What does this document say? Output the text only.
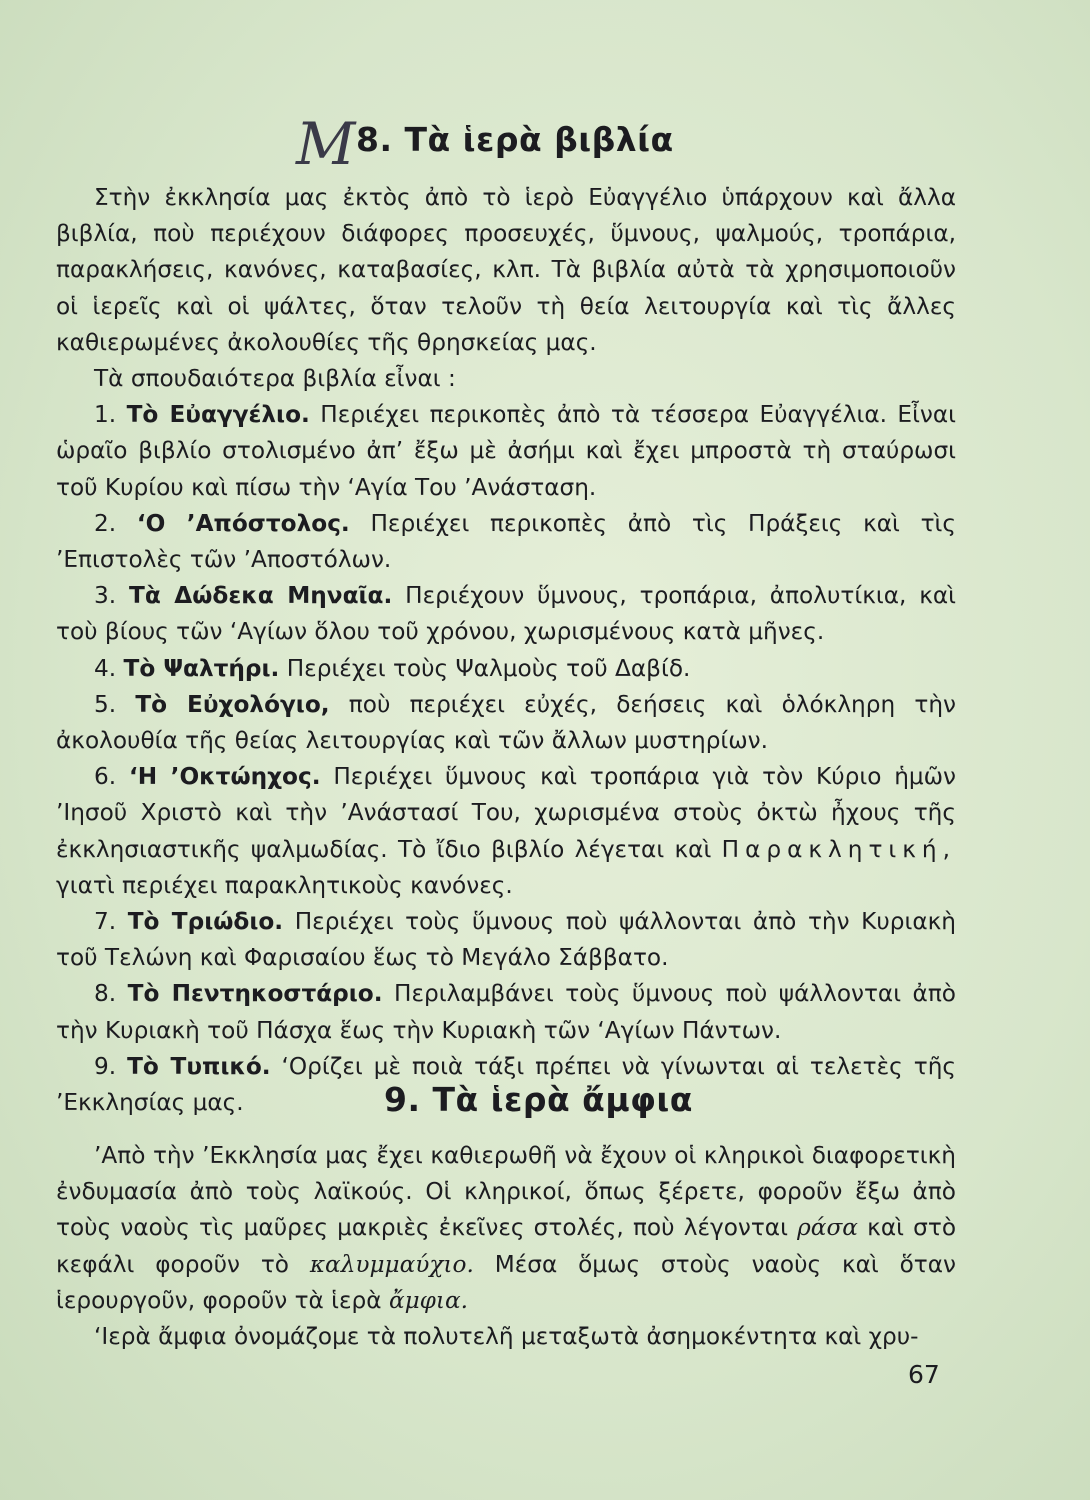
M 8. Τὰ ἱερὰ βιβλία

Στὴν ἐκκλησία μας ἐκτὸς ἀπὸ τὸ ἱερὸ Εὐαγγέλιο ὑπάρχουν καὶ ἄλλα βιβλία, ποὺ περιέχουν διάφορες προσευχές, ὕμνους, ψαλμούς, τροπάρια, παρακλήσεις, κανόνες, καταβασίες, κλπ. Τὰ βιβλία αὐτὰ τὰ χρησιμοποιοῦν οἱ ἱερεῖς καὶ οἱ ψάλτες, ὅταν τελοῦν τὴ θεία λειτουργία καὶ τὶς ἄλλες καθιερωμένες ἀκολουθίες τῆς θρησκείας μας.

Τὰ σπουδαιότερα βιβλία εἶναι :

1. Τὸ Εὐαγγέλιο. Περιέχει περικοπὲς ἀπὸ τὰ τέσσερα Εὐαγγέλια. Εἶναι ὡραῖο βιβλίο στολισμένο ἀπ’ ἔξω μὲ ἀσήμι καὶ ἔχει μπροστὰ τὴ σταύρωσι τοῦ Κυρίου καὶ πίσω τὴν ‘Αγία Του ’Ανάσταση.

2. ‘Ο ’Απόστολος. Περιέχει περικοπὲς ἀπὸ τὶς Πράξεις καὶ τὶς ’Επιστολὲς τῶν ’Αποστόλων.

3. Τὰ Δώδεκα Μηναῖα. Περιέχουν ὕμνους, τροπάρια, ἀπολυτίκια, καὶ τοὺ βίους τῶν ‘Αγίων ὅλου τοῦ χρόνου, χωρισμένους κατὰ μῆνες.

4. Τὸ Ψαλτήρι. Περιέχει τοὺς Ψαλμοὺς τοῦ Δαβίδ.

5. Τὸ Εὐχολόγιο, ποὺ περιέχει εὐχές, δεήσεις καὶ ὁλόκληρη τὴν ἀκολουθία τῆς θείας λειτουργίας καὶ τῶν ἄλλων μυστηρίων.

6. ‘Η ’Οκτώηχος. Περιέχει ὕμνους καὶ τροπάρια γιὰ τὸν Κύριο ἡμῶν ’Ιησοῦ Χριστὸ καὶ τὴν ’Ανάστασί Του, χωρισμένα στοὺς ὀκτὼ ἦχους τῆς ἐκκλησιαστικῆς ψαλμωδίας. Τὸ ἴδιο βιβλίο λέγεται καὶ Παρακλητική, γιατὶ περιέχει παρακλητικοὺς κανόνες.

7. Τὸ Τριώδιο. Περιέχει τοὺς ὕμνους ποὺ ψάλλονται ἀπὸ τὴν Κυριακὴ τοῦ Τελώνη καὶ Φαρισαίου ἕως τὸ Μεγάλο Σάββατο.

8. Τὸ Πεντηκοστάριο. Περιλαμβάνει τοὺς ὕμνους ποὺ ψάλλονται ἀπὸ τὴν Κυριακὴ τοῦ Πάσχα ἕως τὴν Κυριακὴ τῶν ‘Αγίων Πάντων.

9. Τὸ Τυπικό. ‘Ορίζει μὲ ποιὰ τάξι πρέπει νὰ γίνωνται αἱ τελετὲς τῆς ’Εκκλησίας μας.	9. Τὰ ἱερὰ ἄμφια

’Απὸ τὴν ’Εκκλησία μας ἔχει καθιερωθῆ νὰ ἔχουν οἱ κληρικοὶ διαφορετικὴ ἐνδυμασία ἀπὸ τοὺς λαϊκούς. Οἱ κληρικοί, ὅπως ξέρετε, φοροῦν ἔξω ἀπὸ τοὺς ναοὺς τὶς μαῦρες μακριὲς ἐκεῖνες στολές, ποὺ λέγονται ράσα καὶ στὸ κεφάλι φοροῦν τὸ καλυμμαύχιο. Μέσα ὅμως στοὺς ναοὺς καὶ ὅταν ἱερουργοῦν, φοροῦν τὰ ἱερὰ ἄμφια.

‘Ιερὰ ἄμφια ὀνομάζομε τὰ πολυτελῆ μεταξωτὰ ἀσημοκέντητα καὶ χρυ-

67
